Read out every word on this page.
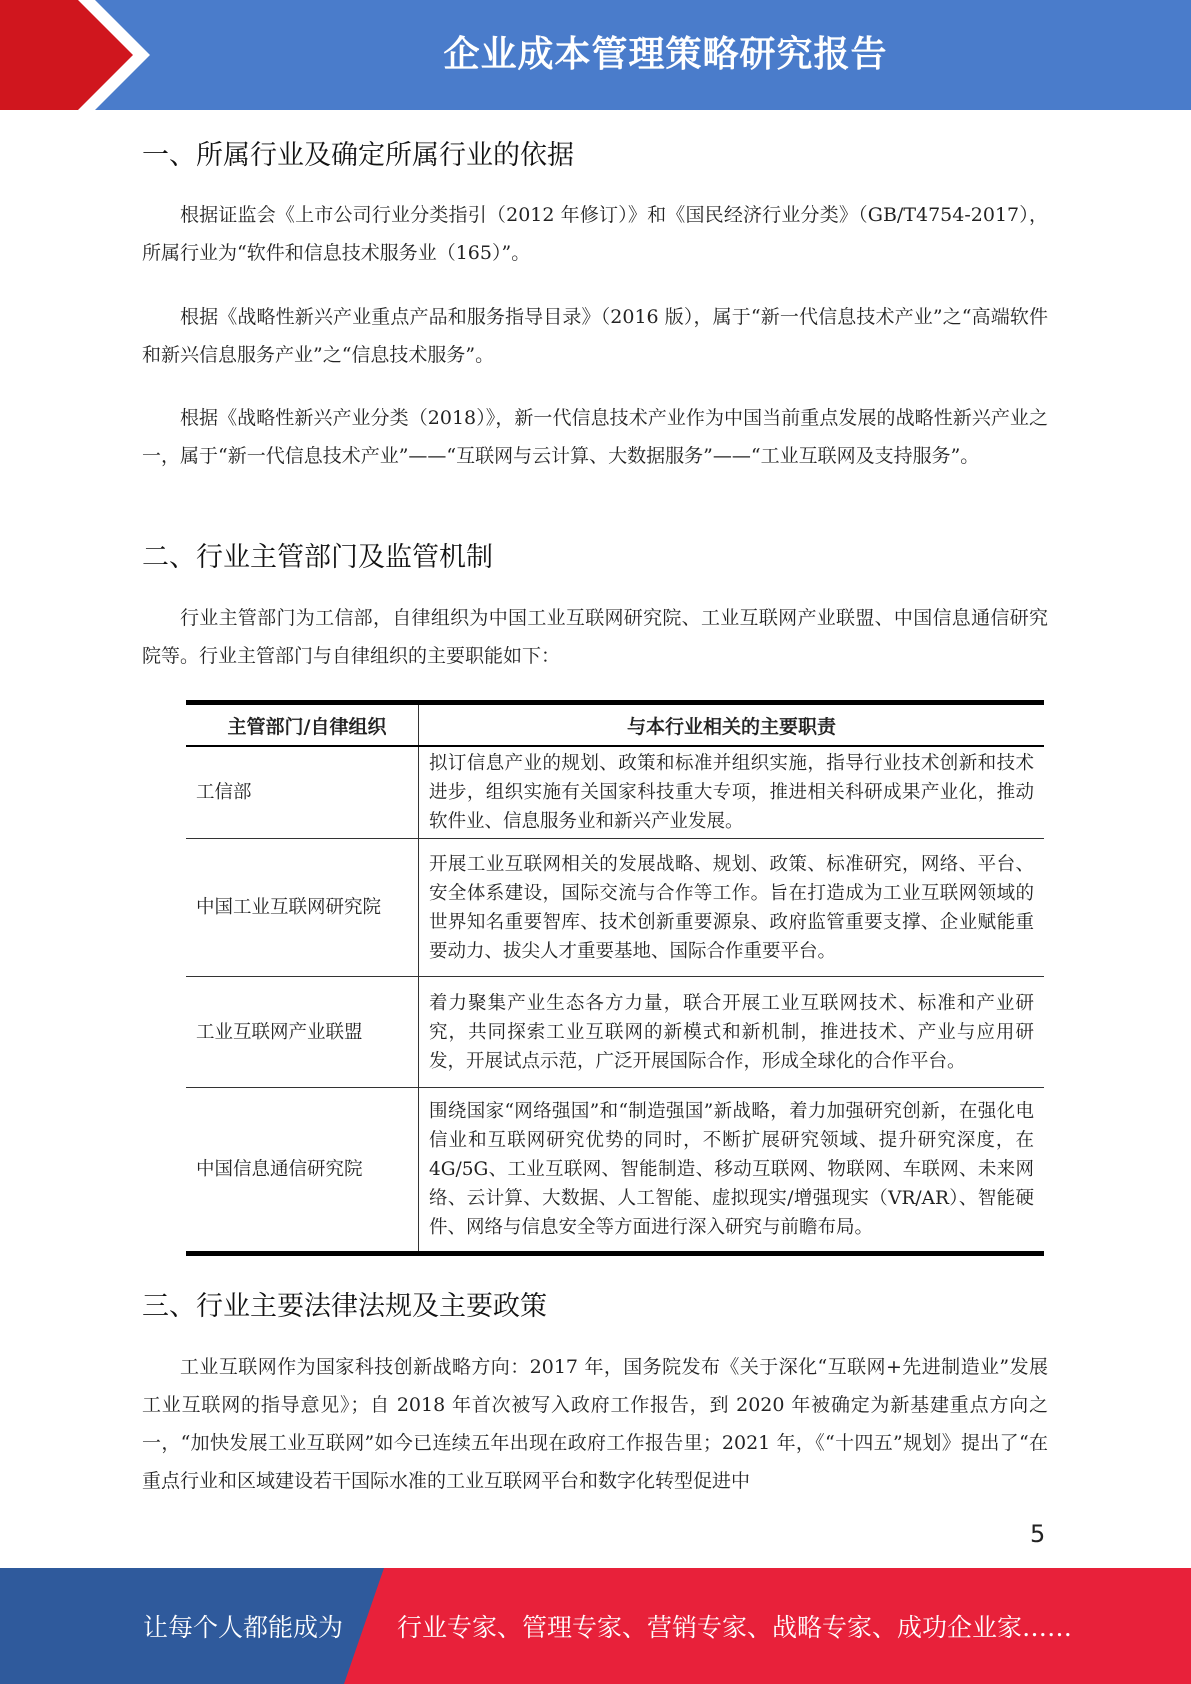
企业成本管理策略研究报告
一、所属行业及确定所属行业的依据

根据证监会《上市公司行业分类指引（2012 年修订）》和《国民经济行业分类》（GB/T4754-2017），所属行业为“软件和信息技术服务业（165）”。

根据《战略性新兴产业重点产品和服务指导目录》（2016 版），属于“新一代信息技术产业”之“高端软件和新兴信息服务产业”之“信息技术服务”。

根据《战略性新兴产业分类（2018）》，新一代信息技术产业作为中国当前重点发展的战略性新兴产业之一，属于“新一代信息技术产业”——“互联网与云计算、大数据服务”——“工业互联网及支持服务”。

二、行业主管部门及监管机制

行业主管部门为工信部，自律组织为中国工业互联网研究院、工业互联网产业联盟、中国信息通信研究院等。行业主管部门与自律组织的主要职能如下：

主管部门/自律组织	与本行业相关的主要职责
工信部	拟订信息产业的规划、政策和标准并组织实施，指导行业技术创新和技术进步，组织实施有关国家科技重大专项，推进相关科研成果产业化，推动软件业、信息服务业和新兴产业发展。
中国工业互联网研究院	开展工业互联网相关的发展战略、规划、政策、标准研究，网络、平台、安全体系建设，国际交流与合作等工作。旨在打造成为工业互联网领域的世界知名重要智库、技术创新重要源泉、政府监管重要支撑、企业赋能重要动力、拔尖人才重要基地、国际合作重要平台。
工业互联网产业联盟	着力聚集产业生态各方力量，联合开展工业互联网技术、标准和产业研究，共同探索工业互联网的新模式和新机制，推进技术、产业与应用研发，开展试点示范，广泛开展国际合作，形成全球化的合作平台。
中国信息通信研究院	围绕国家“网络强国”和“制造强国”新战略，着力加强研究创新，在强化电信业和互联网研究优势的同时，不断扩展研究领域、提升研究深度，在 4G/5G、工业互联网、智能制造、移动互联网、物联网、车联网、未来网络、云计算、大数据、人工智能、虚拟现实/增强现实（VR/AR）、智能硬件、网络与信息安全等方面进行深入研究与前瞻布局。
三、行业主要法律法规及主要政策

工业互联网作为国家科技创新战略方向：2017 年，国务院发布《关于深化“互联网+先进制造业”发展工业互联网的指导意见》；自 2018 年首次被写入政府工作报告，到 2020 年被确定为新基建重点方向之一，“加快发展工业互联网”如今已连续五年出现在政府工作报告里；2021 年，《“十四五”规划》提出了“在重点行业和区域建设若干国际水准的工业互联网平台和数字化转型促进中

5
让每个人都能成为 行业专家、管理专家、营销专家、战略专家、成功企业家……
